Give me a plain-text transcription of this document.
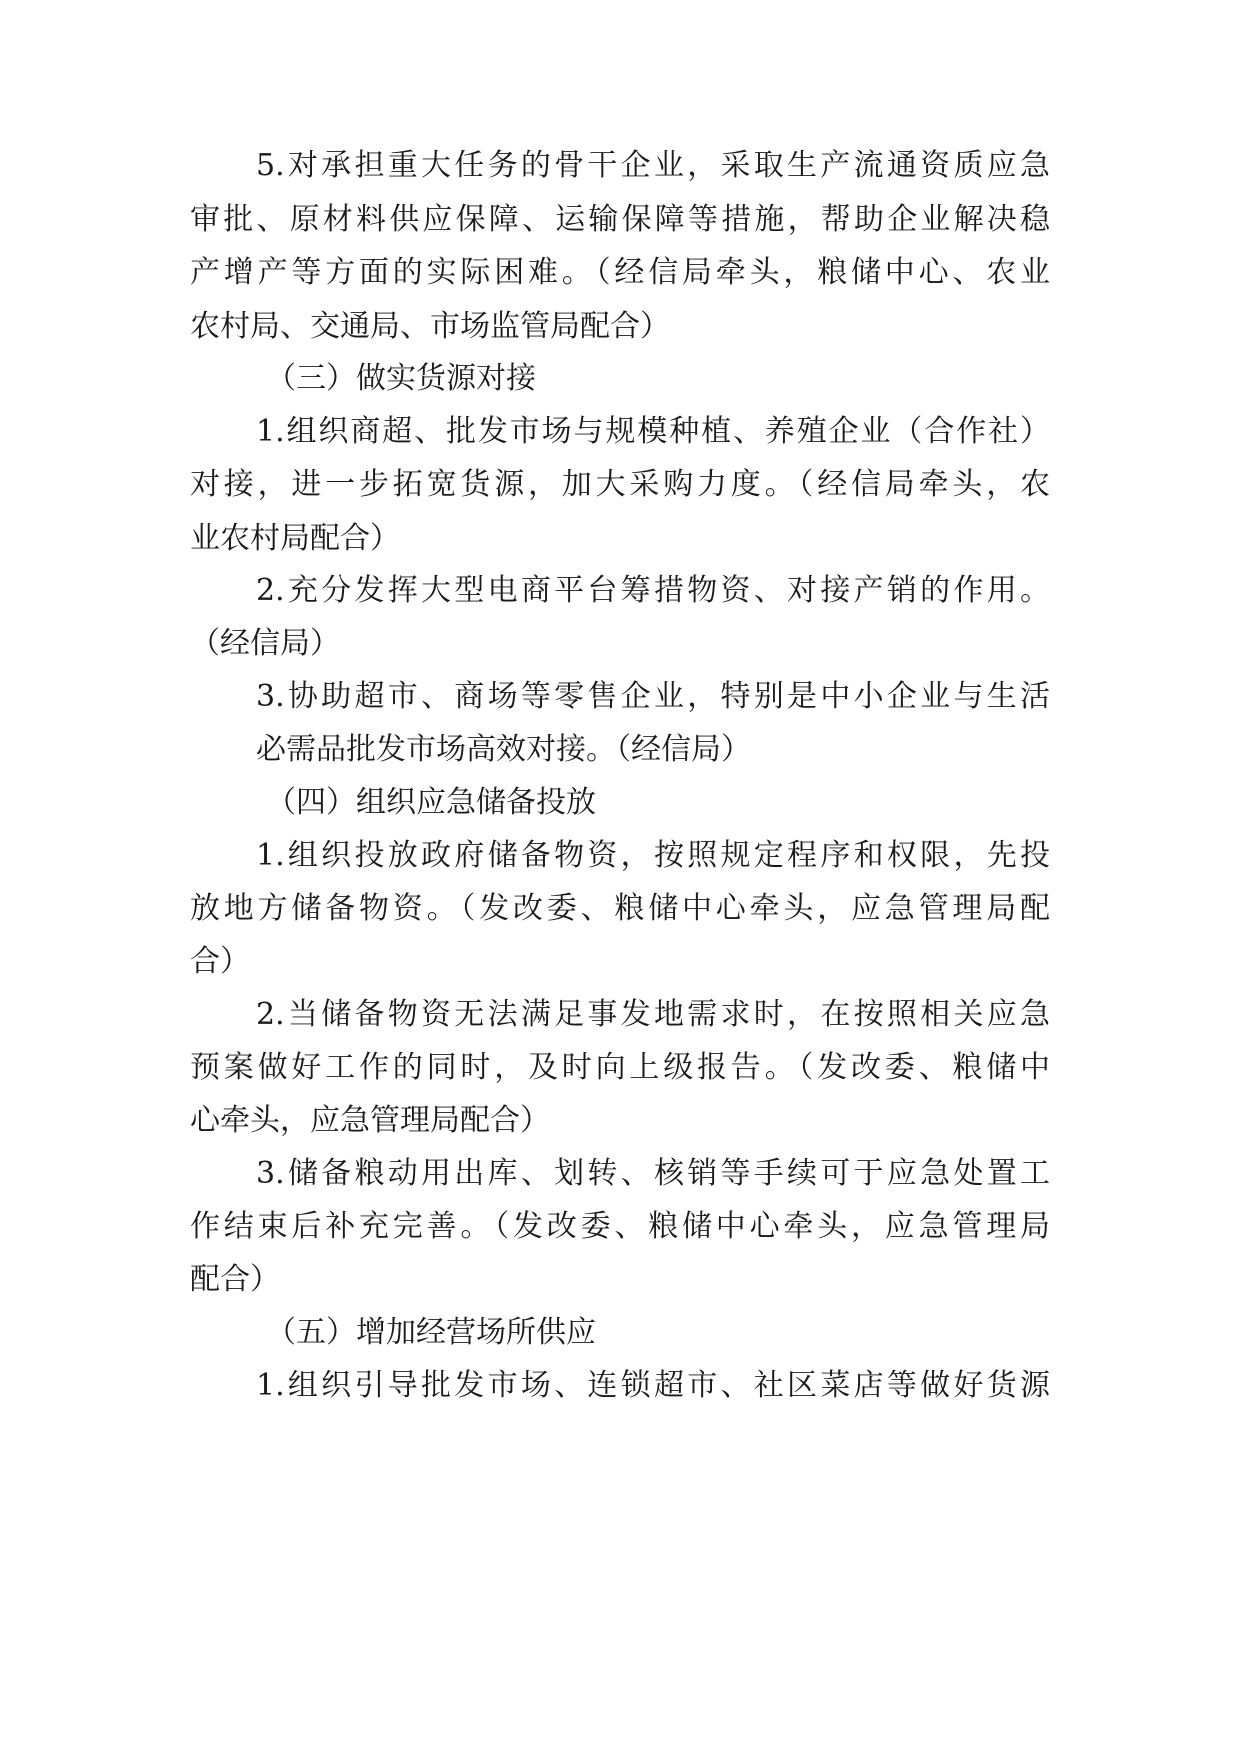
5.对承担重大任务的骨干企业，采取生产流通资质应急
审批、原材料供应保障、运输保障等措施，帮助企业解决稳
产增产等方面的实际困难。（经信局牵头，粮储中心、农业
农村局、交通局、市场监管局配合）
（三）做实货源对接
1.组织商超、批发市场与规模种植、养殖企业（合作社）
对接，进一步拓宽货源，加大采购力度。（经信局牵头，农
业农村局配合）
2.充分发挥大型电商平台筹措物资、对接产销的作用。
（经信局）
3.协助超市、商场等零售企业，特别是中小企业与生活
必需品批发市场高效对接。（经信局）
（四）组织应急储备投放
1.组织投放政府储备物资，按照规定程序和权限，先投
放地方储备物资。（发改委、粮储中心牵头，应急管理局配
合）
2.当储备物资无法满足事发地需求时，在按照相关应急
预案做好工作的同时，及时向上级报告。（发改委、粮储中
心牵头，应急管理局配合）
3.储备粮动用出库、划转、核销等手续可于应急处置工
作结束后补充完善。（发改委、粮储中心牵头，应急管理局
配合）
（五）增加经营场所供应
1.组织引导批发市场、连锁超市、社区菜店等做好货源
